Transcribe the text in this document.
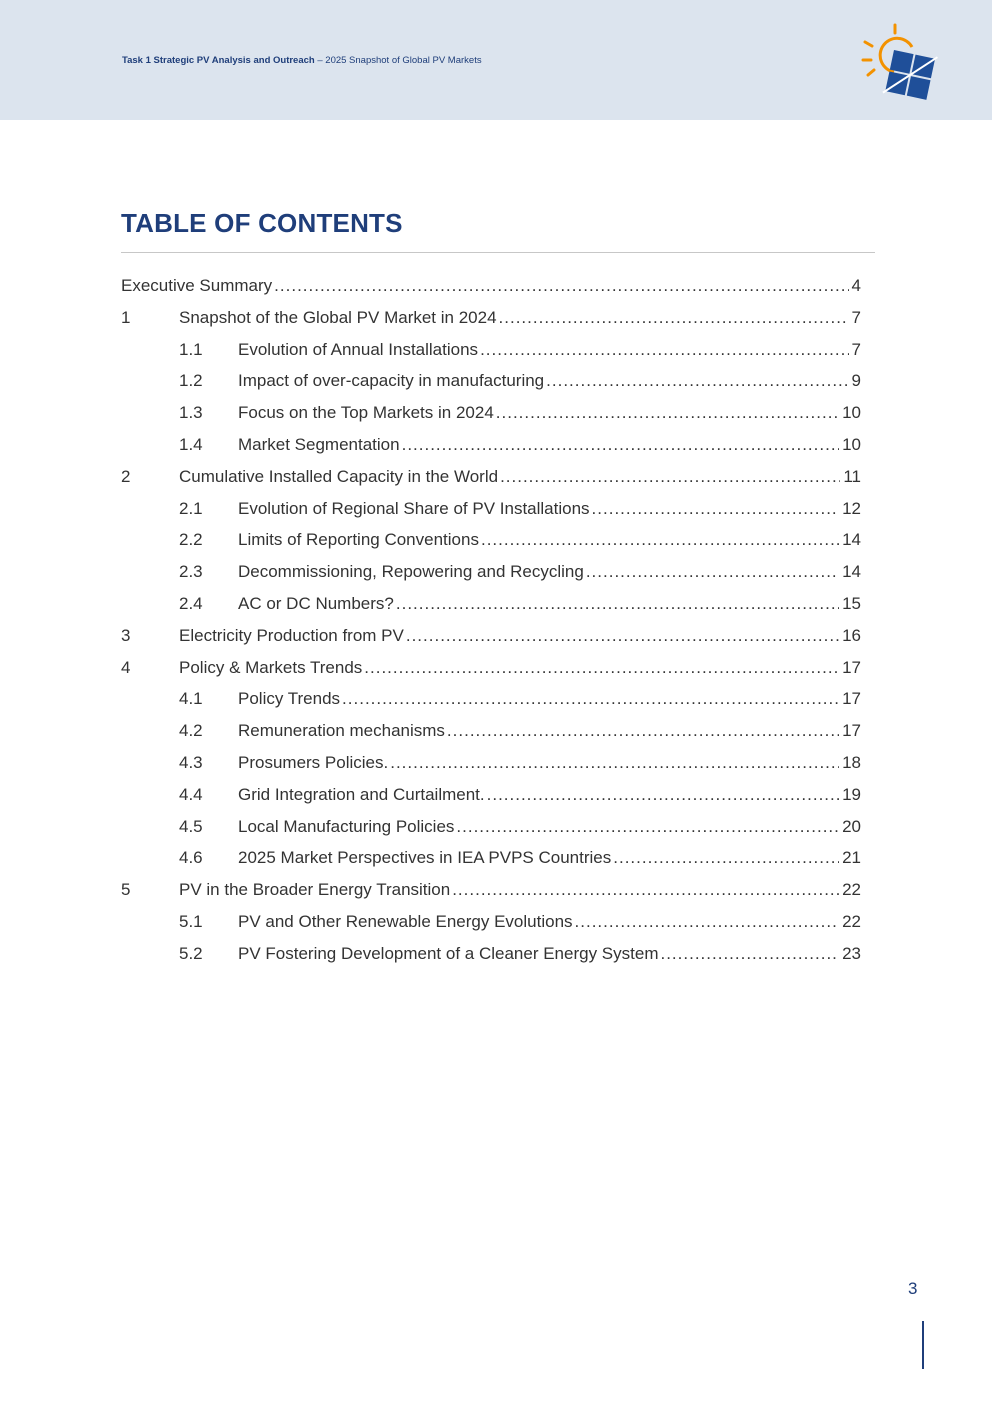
Task 1 Strategic PV Analysis and Outreach – 2025 Snapshot of Global PV Markets
TABLE OF CONTENTS
Executive Summary .....	4
1	Snapshot of the Global PV Market in 2024 .....	7
1.1 Evolution of Annual Installations .....	7
1.2 Impact of over-capacity in manufacturing .....	9
1.3 Focus on the Top Markets in 2024 .....	10
1.4 Market Segmentation .....	10
2	Cumulative Installed Capacity in the World .....	11
2.1 Evolution of Regional Share of PV Installations .....	12
2.2 Limits of Reporting Conventions .....	14
2.3 Decommissioning, Repowering and Recycling .....	14
2.4 AC or DC Numbers? .....	15
3	Electricity Production from PV .....	16
4	Policy & Markets Trends .....	17
4.1 Policy Trends .....	17
4.2 Remuneration mechanisms .....	17
4.3 Prosumers Policies. .....	18
4.4 Grid Integration and Curtailment. .....	19
4.5 Local Manufacturing Policies .....	20
4.6 2025 Market Perspectives in IEA PVPS Countries .....	21
5	PV in the Broader Energy Transition .....	22
5.1 PV and Other Renewable Energy Evolutions .....	22
5.2 PV Fostering Development of a Cleaner Energy System .....	23
3
